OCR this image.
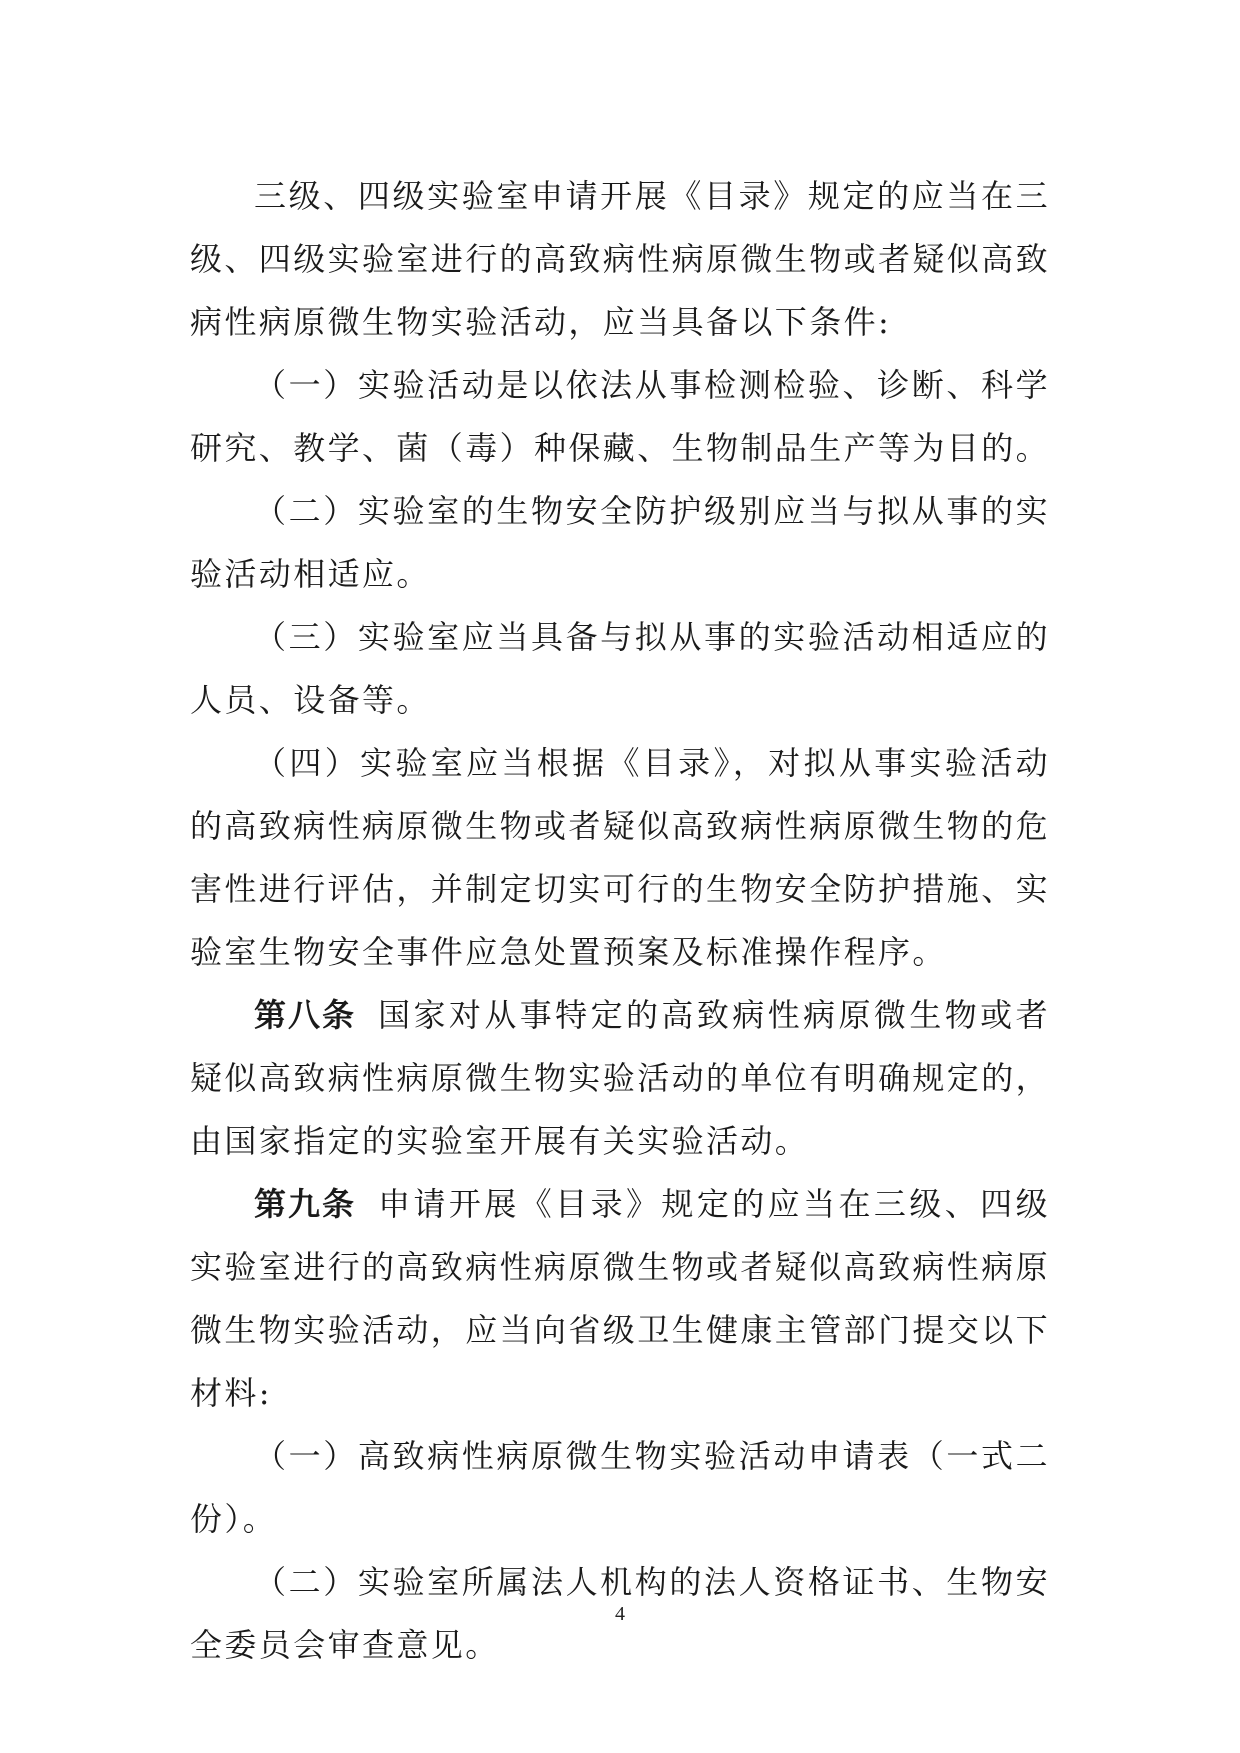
三级、四级实验室申请开展《目录》规定的应当在三级、四级实验室进行的高致病性病原微生物或者疑似高致病性病原微生物实验活动，应当具备以下条件:

（一）实验活动是以依法从事检测检验、诊断、科学研究、教学、菌（毒）种保藏、生物制品生产等为目的。

（二）实验室的生物安全防护级别应当与拟从事的实验活动相适应。

（三）实验室应当具备与拟从事的实验活动相适应的人员、设备等。

（四）实验室应当根据《目录》，对拟从事实验活动的高致病性病原微生物或者疑似高致病性病原微生物的危害性进行评估，并制定切实可行的生物安全防护措施、实验室生物安全事件应急处置预案及标准操作程序。

第八条 国家对从事特定的高致病性病原微生物或者疑似高致病性病原微生物实验活动的单位有明确规定的，由国家指定的实验室开展有关实验活动。

第九条 申请开展《目录》规定的应当在三级、四级实验室进行的高致病性病原微生物或者疑似高致病性病原微生物实验活动，应当向省级卫生健康主管部门提交以下材料:

（一）高致病性病原微生物实验活动申请表（一式二份）。

（二）实验室所属法人机构的法人资格证书、生物安全委员会审查意见。

4
